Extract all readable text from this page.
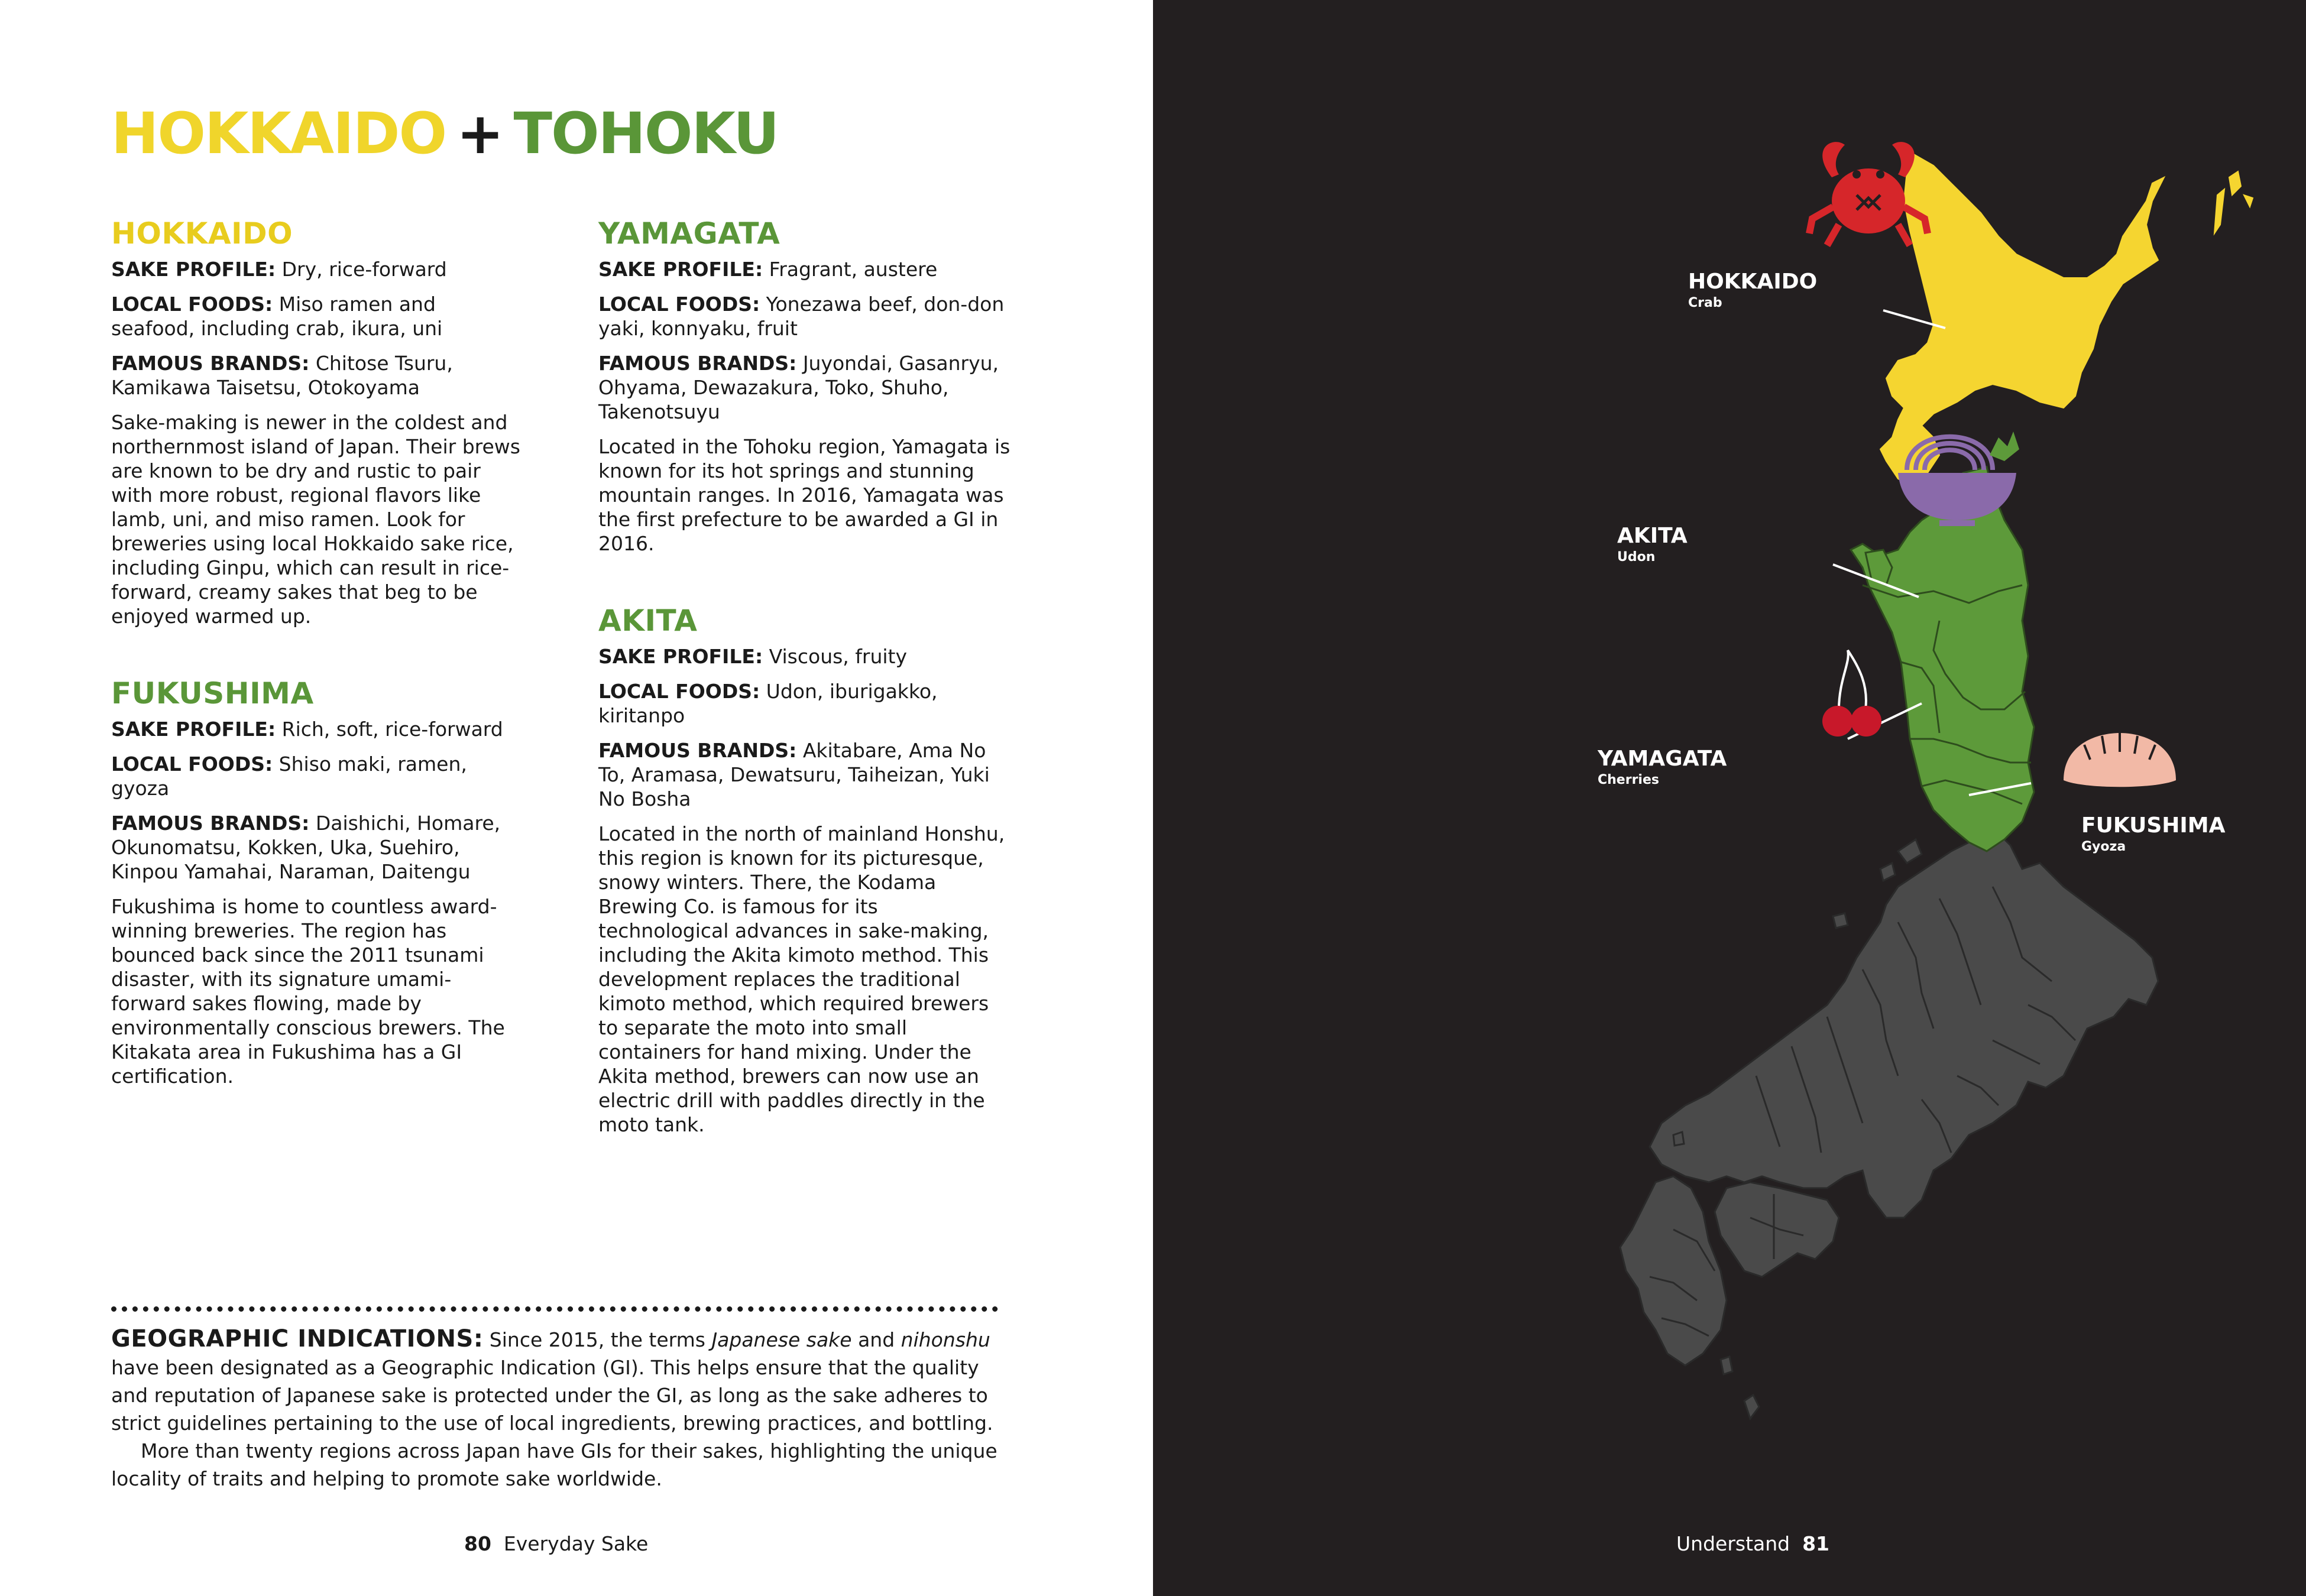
HOKKAIDO + TOHOKU
HOKKAIDO

SAKE PROFILE: Dry, rice-forward

LOCAL FOODS: Miso ramen and seafood, including crab, ikura, uni

FAMOUS BRANDS: Chitose Tsuru, Kamikawa Taisetsu, Otokoyama

Sake-making is newer in the coldest and northernmost island of Japan. Their brews are known to be dry and rustic to pair with more robust, regional flavors like lamb, uni, and miso ramen. Look for breweries using local Hokkaido sake rice, including Ginpu, which can result in rice-forward, creamy sakes that beg to be enjoyed warmed up.

FUKUSHIMA

SAKE PROFILE: Rich, soft, rice-forward

LOCAL FOODS: Shiso maki, ramen, gyoza

FAMOUS BRANDS: Daishichi, Homare, Okunomatsu, Kokken, Uka, Suehiro, Kinpou Yamahai, Naraman, Daitengu

Fukushima is home to countless award-winning breweries. The region has bounced back since the 2011 tsunami disaster, with its signature umami-forward sakes flowing, made by environmentally conscious brewers. The Kitakata area in Fukushima has a GI certification.

YAMAGATA

SAKE PROFILE: Fragrant, austere

LOCAL FOODS: Yonezawa beef, don-don yaki, konnyaku, fruit

FAMOUS BRANDS: Juyondai, Gasanryu, Ohyama, Dewazakura, Toko, Shuho, Takenotsuyu

Located in the Tohoku region, Yamagata is known for its hot springs and stunning mountain ranges. In 2016, Yamagata was the first prefecture to be awarded a GI in 2016.

AKITA

SAKE PROFILE: Viscous, fruity

LOCAL FOODS: Udon, iburigakko, kiritanpo

FAMOUS BRANDS: Akitabare, Ama No To, Aramasa, Dewatsuru, Taiheizan, Yuki No Bosha

Located in the north of mainland Honshu, this region is known for its picturesque, snowy winters. There, the Kodama Brewing Co. is famous for its technological advances in sake-making, including the Akita kimoto method. This development replaces the traditional kimoto method, which required brewers to separate the moto into small containers for hand mixing. Under the Akita method, brewers can now use an electric drill with paddles directly in the moto tank.

GEOGRAPHIC INDICATIONS: Since 2015, the terms Japanese sake and nihonshu have been designated as a Geographic Indication (GI). This helps ensure that the quality and reputation of Japanese sake is protected under the GI, as long as the sake adheres to strict guidelines pertaining to the use of local ingredients, brewing practices, and bottling.

More than twenty regions across Japan have GIs for their sakes, highlighting the unique locality of traits and helping to promote sake worldwide.

80 Everyday Sake
HOKKAIDO
Crab
AKITA
Udon
YAMAGATA
Cherries
FUKUSHIMA
Gyoza
Understand 81
